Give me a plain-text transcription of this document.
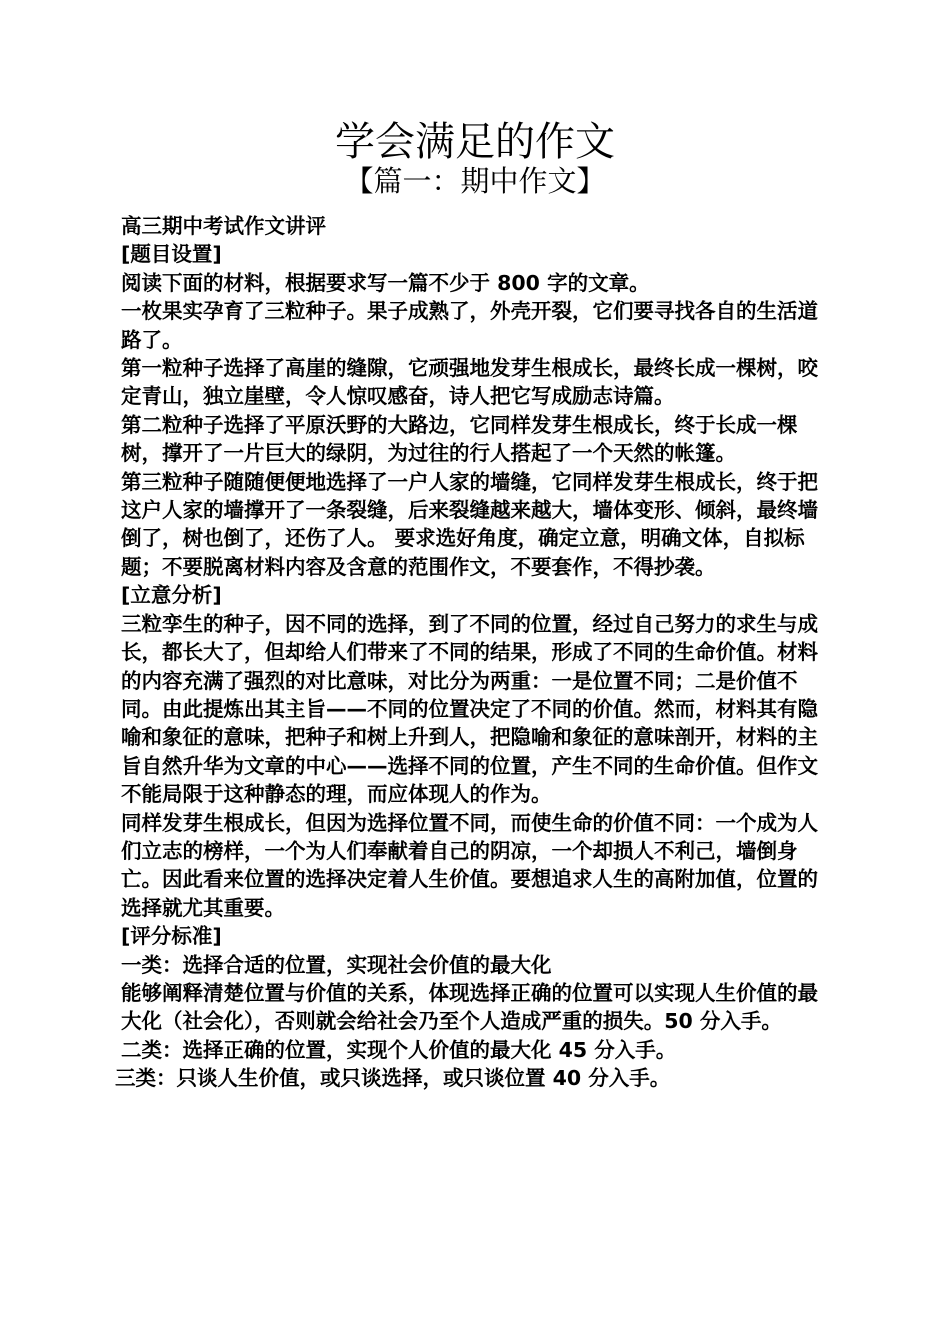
学会满足的作文
【篇一：期中作文】

高三期中考试作文讲评

[题目设置]

阅读下面的材料，根据要求写一篇不少于 800 字的文章。

一枚果实孕育了三粒种子。果子成熟了，外壳开裂，它们要寻找各自的生活道路了。

第一粒种子选择了高崖的缝隙，它顽强地发芽生根成长，最终长成一棵树，咬定青山，独立崖壁，令人惊叹感奋，诗人把它写成励志诗篇。

第二粒种子选择了平原沃野的大路边，它同样发芽生根成长，终于长成一棵树，撑开了一片巨大的绿阴，为过往的行人搭起了一个天然的帐篷。

第三粒种子随随便便地选择了一户人家的墙缝，它同样发芽生根成长，终于把这户人家的墙撑开了一条裂缝，后来裂缝越来越大，墙体变形、倾斜，最终墙倒了，树也倒了，还伤了人。 要求选好角度，确定立意，明确文体，自拟标题；不要脱离材料内容及含意的范围作文，不要套作，不得抄袭。

[立意分析]

三粒孪生的种子，因不同的选择，到了不同的位置，经过自己努力的求生与成长，都长大了，但却给人们带来了不同的结果，形成了不同的生命价值。材料的内容充满了强烈的对比意味，对比分为两重：一是位置不同；二是价值不同。由此提炼出其主旨——不同的位置决定了不同的价值。然而，材料其有隐喻和象征的意味，把种子和树上升到人，把隐喻和象征的意味剖开，材料的主旨自然升华为文章的中心——选择不同的位置，产生不同的生命价值。但作文不能局限于这种静态的理，而应体现人的作为。

同样发芽生根成长，但因为选择位置不同，而使生命的价值不同：一个成为人们立志的榜样，一个为人们奉献着自己的阴凉，一个却损人不利己，墙倒身亡。因此看来位置的选择决定着人生价值。要想追求人生的高附加值，位置的选择就尤其重要。

[评分标准]

一类：选择合适的位置，实现社会价值的最大化

能够阐释清楚位置与价值的关系，体现选择正确的位置可以实现人生价值的最大化（社会化），否则就会给社会乃至个人造成严重的损失。50 分入手。

二类：选择正确的位置，实现个人价值的最大化 45 分入手。

三类：只谈人生价值，或只谈选择，或只谈位置 40 分入手。
